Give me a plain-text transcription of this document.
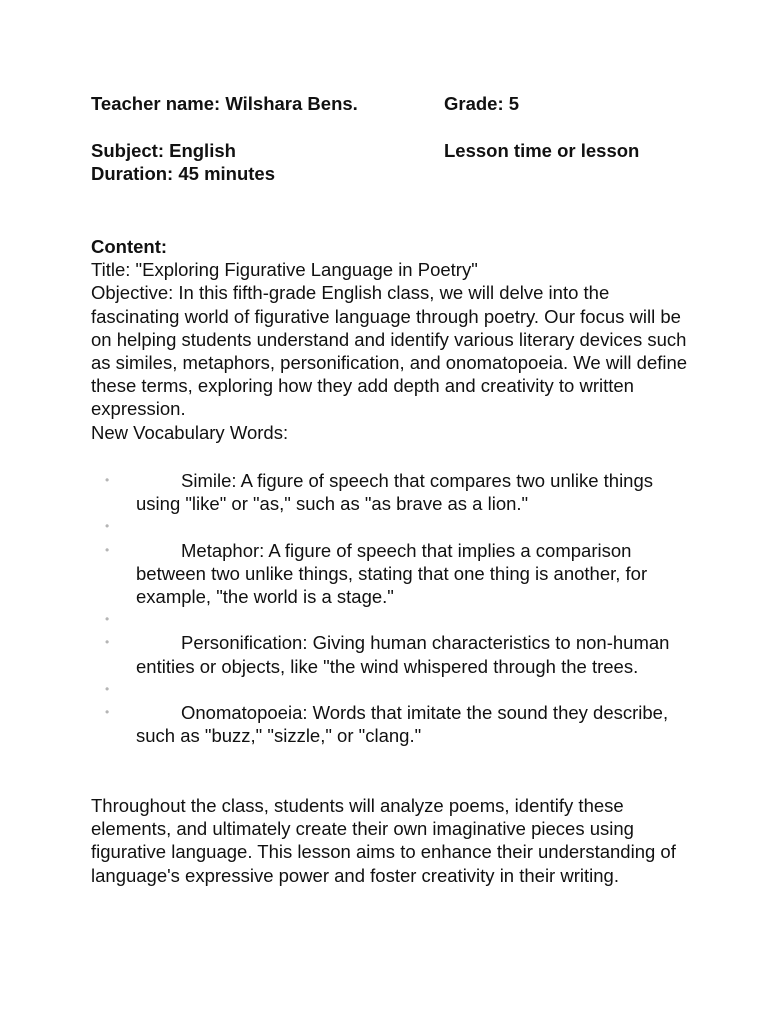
Teacher name: Wilshara Bens.	Grade: 5
Subject: English	Lesson time or lesson
Duration: 45 minutes

Content:

Title: "Exploring Figurative Language in Poetry"

Objective: In this fifth-grade English class, we will delve into the fascinating world of figurative language through poetry. Our focus will be on helping students understand and identify various literary devices such as similes, metaphors, personification, and onomatopoeia. We will define these terms, exploring how they add depth and creativity to written expression.

New Vocabulary Words:

•	Simile: A figure of speech that compares two unlike things using "like" or "as," such as "as brave as a lion."
•
•	Metaphor: A figure of speech that implies a comparison between two unlike things, stating that one thing is another, for example, "the world is a stage."
•
•	Personification: Giving human characteristics to non-human entities or objects, like "the wind whispered through the trees.
•
•	Onomatopoeia: Words that imitate the sound they describe, such as "buzz," "sizzle," or "clang."

Throughout the class, students will analyze poems, identify these elements, and ultimately create their own imaginative pieces using figurative language. This lesson aims to enhance their understanding of language's expressive power and foster creativity in their writing.
